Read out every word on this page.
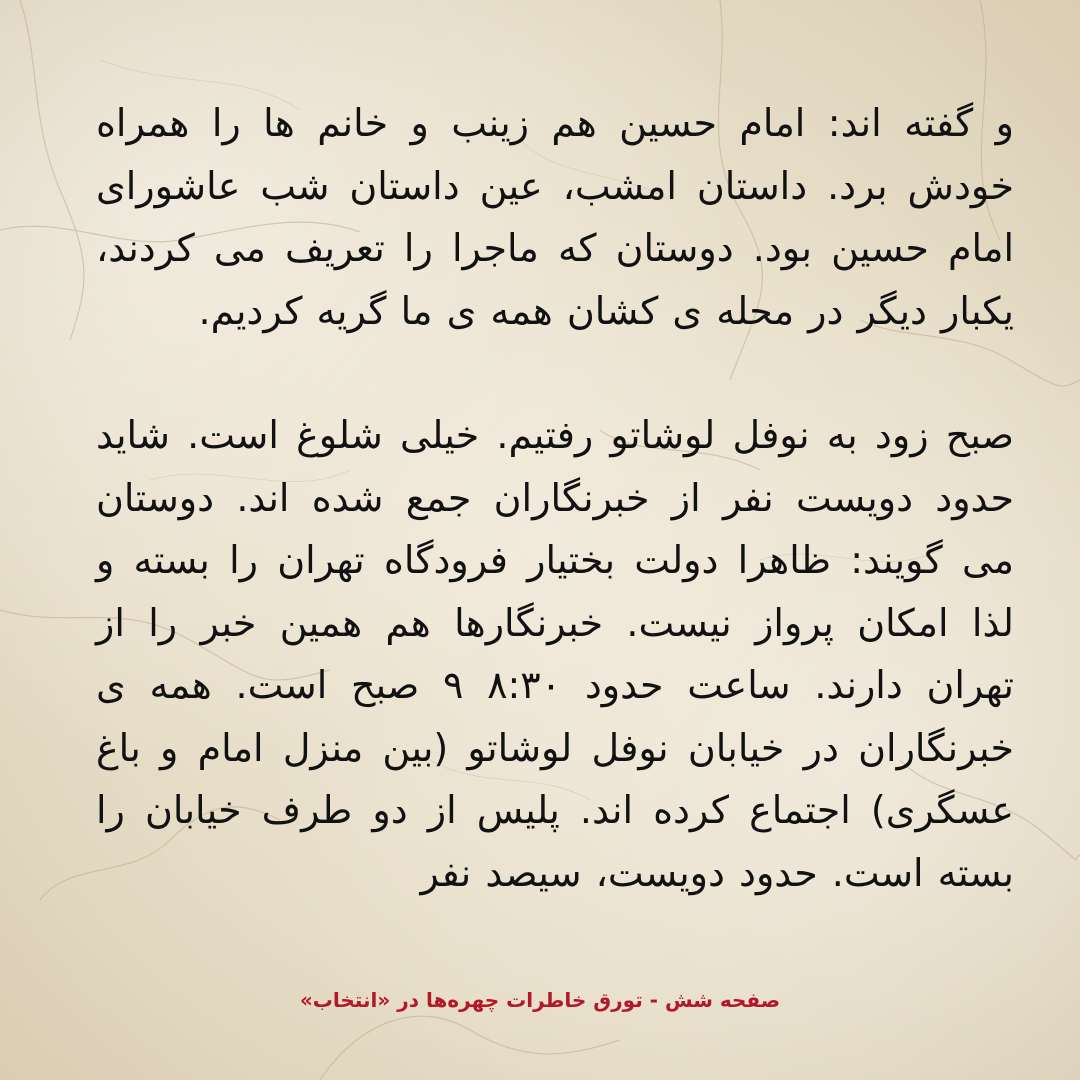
و گفته اند: امام حسین هم زینب و خانم ها را همراه خودش برد. داستان امشب، عین داستان شب عاشورای امام حسین بود. دوستان که ماجرا را تعریف می کردند، یکبار دیگر در محله ی کشان همه ی ما گریه کردیم.

صبح زود به نوفل لوشاتو رفتیم. خیلی شلوغ است. شاید حدود دویست نفر از خبرنگاران جمع شده اند. دوستان می گویند: ظاهرا دولت بختیار فرودگاه تهران را بسته و لذا امکان پرواز نیست. خبرنگارها هم همین خبر را از تهران دارند. ساعت حدود ۸:۳۰ ۹ صبح است. همه ی خبرنگاران در خیابان نوفل لوشاتو (بین منزل امام و باغ عسگری) اجتماع کرده اند. پلیس از دو طرف خیابان را بسته است. حدود دویست، سیصد نفر

صفحه شش - تورق خاطرات چهره‌ها در «انتخاب»
